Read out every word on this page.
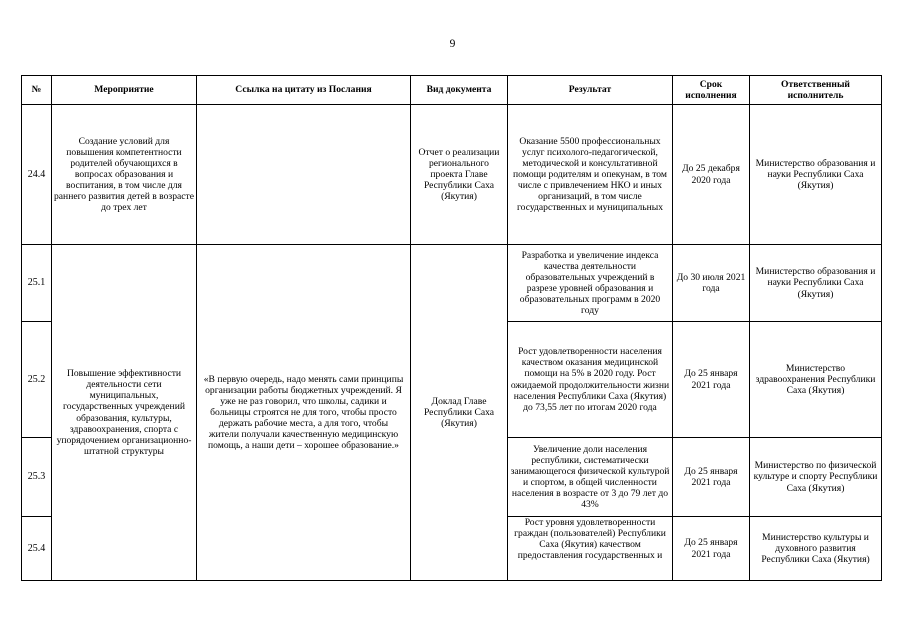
9
№	Мероприятие	Ссылка на цитату из Послания	Вид документа	Результат	Срок исполнения	Ответственный исполнитель
24.4	Создание условий для повышения компетентности родителей обучающихся в вопросах образования и воспитания, в том числе для раннего развития детей в возрасте до трех лет		Отчет о реализации регионального проекта Главе Республики Саха (Якутия)	Оказание 5500 профессиональных услуг психолого-педагогической, методической и консультативной помощи родителям и опекунам, в том числе с привлечением НКО и иных организаций, в том числе государственных и муниципальных	До 25 декабря 2020 года	Министерство образования и науки Республики Саха (Якутия)
25.1	Повышение эффективности деятельности сети муниципальных, государственных учреждений образования, культуры, здравоохранения, спорта с упорядочением организационно-штатной структуры	«В первую очередь, надо менять сами принципы организации работы бюджетных учреждений. Я уже не раз говорил, что школы, садики и больницы строятся не для того, чтобы просто держать рабочие места, а для того, чтобы жители получали качественную медицинскую помощь, а наши дети – хорошее образование.»	Доклад Главе Республики Саха (Якутия)	Разработка и увеличение индекса качества деятельности образовательных учреждений в разрезе уровней образования и образовательных программ в 2020 году	До 30 июля 2021 года	Министерство образования и науки Республики Саха (Якутия)
25.2				Рост удовлетворенности населения качеством оказания медицинской помощи на 5% в 2020 году. Рост ожидаемой продолжительности жизни населения Республики Саха (Якутия) до 73,55 лет по итогам 2020 года	До 25 января 2021 года	Министерство здравоохранения Республики Саха (Якутия)
25.3				Увеличение доли населения республики, систематически занимающегося физической культурой и спортом, в общей численности населения в возрасте от 3 до 79 лет до 43%	До 25 января 2021 года	Министерство по физической культуре и спорту Республики Саха (Якутия)
25.4				Рост уровня удовлетворенности граждан (пользователей) Республики Саха (Якутия) качеством предоставления государственных и	До 25 января 2021 года	Министерство культуры и духовного развития Республики Саха (Якутия)
